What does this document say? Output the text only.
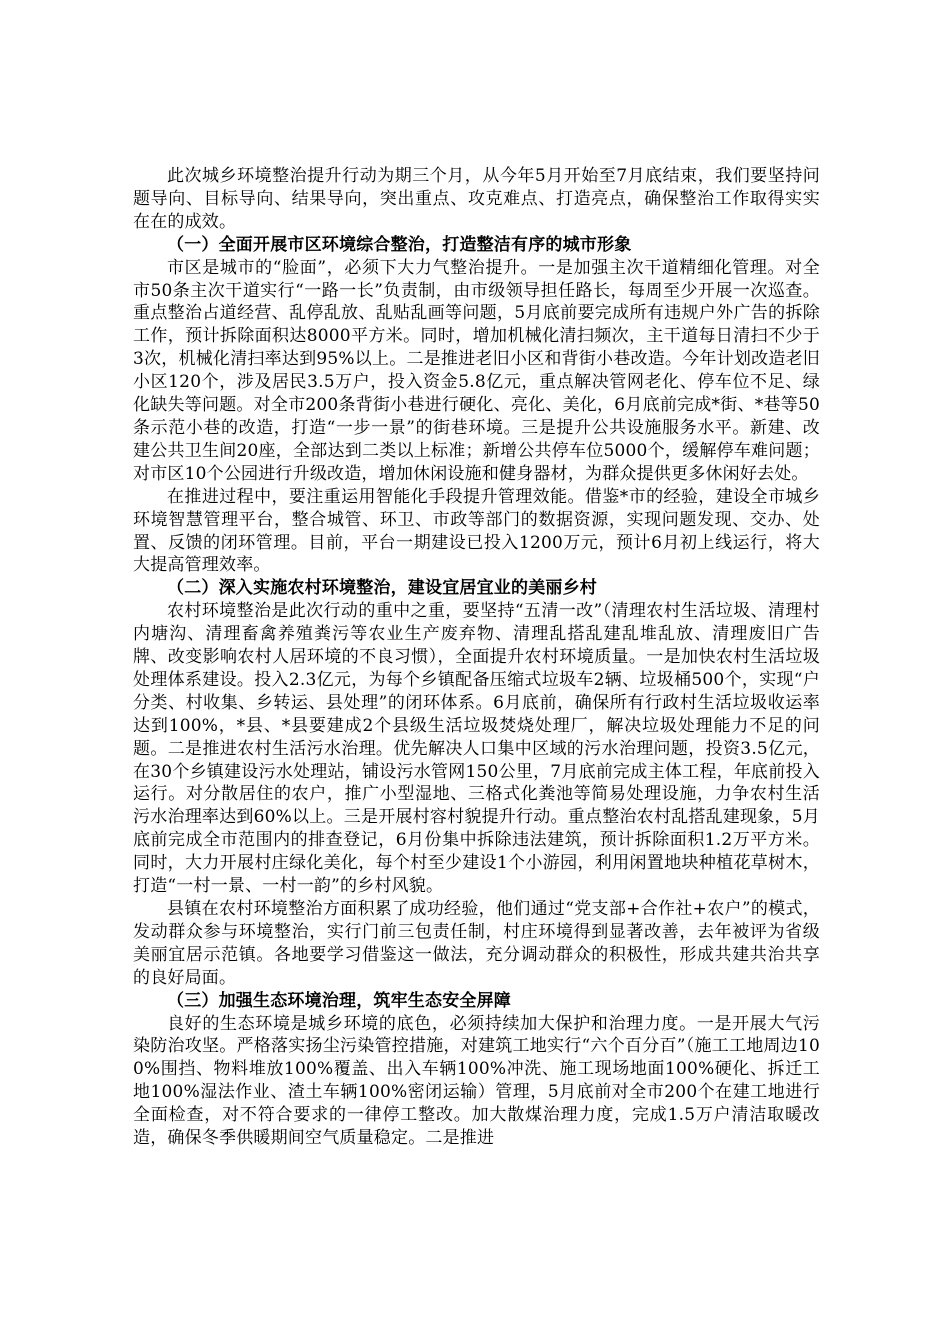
此次城乡环境整治提升行动为期三个月，从今年5月开始至7月底结束，我们要坚持问题导向、目标导向、结果导向，突出重点、攻克难点、打造亮点，确保整治工作取得实实在在的成效。

（一）全面开展市区环境综合整治，打造整洁有序的城市形象

市区是城市的“脸面”，必须下大力气整治提升。一是加强主次干道精细化管理。对全市50条主次干道实行“一路一长”负责制，由市级领导担任路长，每周至少开展一次巡查。重点整治占道经营、乱停乱放、乱贴乱画等问题，5月底前要完成所有违规户外广告的拆除工作，预计拆除面积达8000平方米。同时，增加机械化清扫频次，主干道每日清扫不少于3次，机械化清扫率达到95%以上。二是推进老旧小区和背街小巷改造。今年计划改造老旧小区120个，涉及居民3.5万户，投入资金5.8亿元，重点解决管网老化、停车位不足、绿化缺失等问题。对全市200条背街小巷进行硬化、亮化、美化，6月底前完成*街、*巷等50条示范小巷的改造，打造“一步一景”的街巷环境。三是提升公共设施服务水平。新建、改建公共卫生间20座，全部达到二类以上标准；新增公共停车位5000个，缓解停车难问题；对市区10个公园进行升级改造，增加休闲设施和健身器材，为群众提供更多休闲好去处。

在推进过程中，要注重运用智能化手段提升管理效能。借鉴*市的经验，建设全市城乡环境智慧管理平台，整合城管、环卫、市政等部门的数据资源，实现问题发现、交办、处置、反馈的闭环管理。目前，平台一期建设已投入1200万元，预计6月初上线运行，将大大提高管理效率。

（二）深入实施农村环境整治，建设宜居宜业的美丽乡村

农村环境整治是此次行动的重中之重，要坚持“五清一改”（清理农村生活垃圾、清理村内塘沟、清理畜禽养殖粪污等农业生产废弃物、清理乱搭乱建乱堆乱放、清理废旧广告牌、改变影响农村人居环境的不良习惯），全面提升农村环境质量。一是加快农村生活垃圾处理体系建设。投入2.3亿元，为每个乡镇配备压缩式垃圾车2辆、垃圾桶500个，实现“户分类、村收集、乡转运、县处理”的闭环体系。6月底前，确保所有行政村生活垃圾收运率达到100%，*县、*县要建成2个县级生活垃圾焚烧处理厂，解决垃圾处理能力不足的问题。二是推进农村生活污水治理。优先解决人口集中区域的污水治理问题，投资3.5亿元，在30个乡镇建设污水处理站，铺设污水管网150公里，7月底前完成主体工程，年底前投入运行。对分散居住的农户，推广小型湿地、三格式化粪池等简易处理设施，力争农村生活污水治理率达到60%以上。三是开展村容村貌提升行动。重点整治农村乱搭乱建现象，5月底前完成全市范围内的排查登记，6月份集中拆除违法建筑，预计拆除面积1.2万平方米。同时，大力开展村庄绿化美化，每个村至少建设1个小游园，利用闲置地块种植花草树木，打造“一村一景、一村一韵”的乡村风貌。

县镇在农村环境整治方面积累了成功经验，他们通过“党支部+合作社+农户”的模式，发动群众参与环境整治，实行门前三包责任制，村庄环境得到显著改善，去年被评为省级美丽宜居示范镇。各地要学习借鉴这一做法，充分调动群众的积极性，形成共建共治共享的良好局面。

（三）加强生态环境治理，筑牢生态安全屏障

良好的生态环境是城乡环境的底色，必须持续加大保护和治理力度。一是开展大气污染防治攻坚。严格落实扬尘污染管控措施，对建筑工地实行“六个百分百”（施工工地周边100%围挡、物料堆放100%覆盖、出入车辆100%冲洗、施工现场地面100%硬化、拆迁工地100%湿法作业、渣土车辆100%密闭运输）管理，5月底前对全市200个在建工地进行全面检查，对不符合要求的一律停工整改。加大散煤治理力度，完成1.5万户清洁取暖改造，确保冬季供暖期间空气质量稳定。二是推进
